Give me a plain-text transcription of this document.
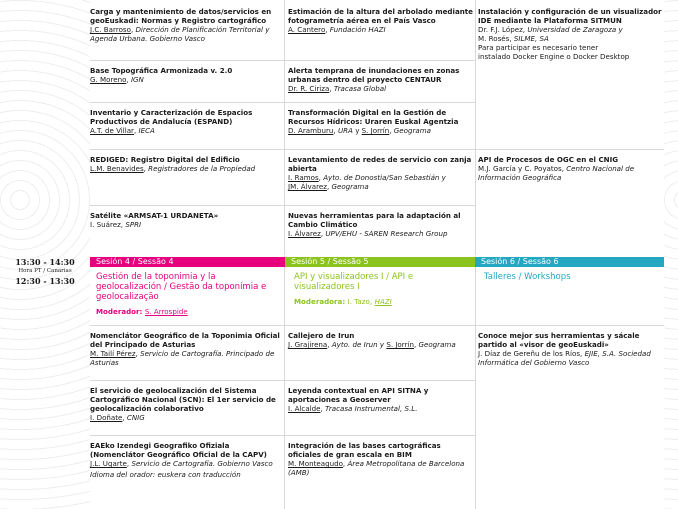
Carga y mantenimiento de datos/servicios en geoEuskadi: Normas y Registro cartográfico
J.C. Barroso, Dirección de Planificación Territorial y Agenda Urbana. Gobierno Vasco
Base Topográfica Armonizada v. 2.0
G. Moreno, IGN
Inventario y Caracterización de Espacios Productivos de Andalucía (ESPAND)
A.T. de Villar, IECA
REDIGED: Registro Digital del Edificio
L.M. Benavides, Registradores de la Propiedad
Satélite «ARMSAT-1 URDANETA»
I. Suárez, SPRI
Estimación de la altura del arbolado mediante fotogrametría aérea en el País Vasco
A. Cantero, Fundación HAZI
Alerta temprana de inundaciones en zonas urbanas dentro del proyecto CENTAUR
Dr. R. Ciriza, Tracasa Global
Transformación Digital en la Gestión de Recursos Hídricos: Uraren Euskal Agentzia
D. Aramburu, URA y S. Jorrín, Geograma
Levantamiento de redes de servicio con zanja abierta
I. Ramos, Ayto. de Donostia/San Sebastián y
JM. Álvarez, Geograma
Nuevas herramientas para la adaptación al Cambio Climático
I. Álvarez, UPV/EHU - SAREN Research Group
Instalación y configuración de un visualizador IDE mediante la Plataforma SITMUN
Dr. F.J. López, Universidad de Zaragoza y
M. Rosés, SILME, SA
Para participar es necesario tener
instalado Docker Engine o Docker Desktop
API de Procesos de OGC en el CNIG
M.J. García y C. Poyatos, Centro Nacional de Información Geográfica
13:30 - 14:30
Hora PT / Canarias
12:30 - 13:30
Sesión 4 / Sessão 4	Sesión 5 / Sessão 5	Sesión 6 / Sessão 6
Gestión de la toponimia y la geolocalización / Gestão da toponímia e geolocalização
Moderador: S. Arrospide
API y visualizadores I / API e visualizadores I
Moderadora: I. Tazo, HAZI
Talleres / Workshops
Nomenclátor Geográfico de la Toponimia Oficial del Principado de Asturias
M. Tailí Pérez, Servicio de Cartografía. Principado de Asturias
El servicio de geolocalización del Sistema Cartográfico Nacional (SCN): El 1er servicio de geolocalización colaborativo
I. Doñate, CNIG
EAEko Izendegi Geografiko Ofiziala (Nomenclátor Geográfico Oficial de la CAPV)
J.L. Ugarte, Servicio de Cartografía. Gobierno Vasco
Idioma del orador: euskera con traducción
Callejero de Irun
J. Grajirena, Ayto. de Irun y S. Jorrín, Geograma
Leyenda contextual en API SITNA y aportaciones a Geoserver
I. Alcalde, Tracasa Instrumental, S.L.
Integración de las bases cartográficas oficiales de gran escala en BIM
M. Monteagudo, Área Metropolitana de Barcelona (AMB)
Conoce mejor sus herramientas y sácale partido al «visor de geoEuskadi»
J. Díaz de Gereñu de los Ríos, EJIE, S.A. Sociedad Informática del Gobierno Vasco
